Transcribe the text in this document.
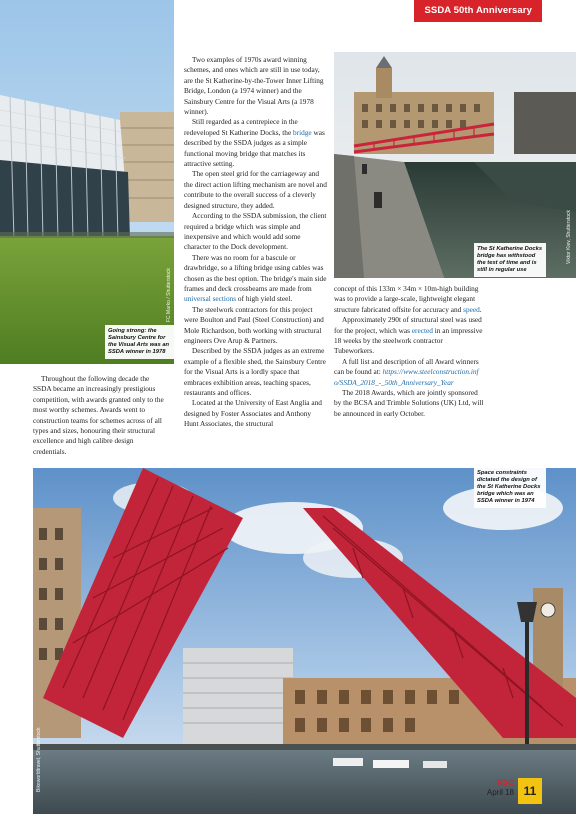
SSDA 50th Anniversary
FC Marko / Shutterstock
Going strong: the Sainsbury Centre for the Visual Arts was an SSDA winner in 1978
Viktor Kiev, Shutterstock
The St Katherine Docks bridge has withstood the test of time and is still in regular use

Throughout the following decade the SSDA became an increasingly prestigious competition, with awards granted only to the most worthy schemes. Awards went to construction teams for schemes across of all types and sizes, honouring their structural excellence and high calibre design credentials.

Two examples of 1970s award winning schemes, and ones which are still in use today, are the St Katherine-by-the-Tower Inner Lifting Bridge, London (a 1974 winner) and the Sainsbury Centre for the Visual Arts (a 1978 winner).

Still regarded as a centrepiece in the redeveloped St Katherine Docks, the bridge was described by the SSDA judges as a simple functional moving bridge that matches its attractive setting.

The open steel grid for the carriageway and the direct action lifting mechanism are novel and contribute to the overall success of a cleverly designed structure, they added.

According to the SSDA submission, the client required a bridge which was simple and inexpensive and which would add some character to the Dock development.

There was no room for a bascule or drawbridge, so a lifting bridge using cables was chosen as the best option. The bridge's main side frames and deck crossbeams are made from universal sections of high yield steel.

The steelwork contractors for this project were Boulton and Paul (Steel Construction) and Mole Richardson, both working with structural engineers Ove Arup & Partners.

Described by the SSDA judges as an extreme example of a flexible shed, the Sainsbury Centre for the Visual Arts is a lordly space that embraces exhibition areas, teaching spaces, restaurants and offices.

Located at the University of East Anglia and designed by Foster Associates and Anthony Hunt Associates, the structural

concept of this 133m × 34m × 10m-high building was to provide a large-scale, lightweight elegant structure fabricated offsite for accuracy and speed.

Approximately 290t of structural steel was used for the project, which was erected in an impressive 18 weeks by the steelwork contractor Tubeworkers.

A full list and description of all Award winners can be found at: https://www.steelconstruction.info/SSDA_2018_-_50th_Anniversary_Year

The 2018 Awards, which are jointly sponsored by the BCSA and Trimble Solutions (UK) Ltd, will be announced in early October.

Bikeworldtravel, Shutterstock
Space constraints dictated the design of the St Katherine Docks bridge which was an SSDA winner in 1974
NSC
April 18 11
